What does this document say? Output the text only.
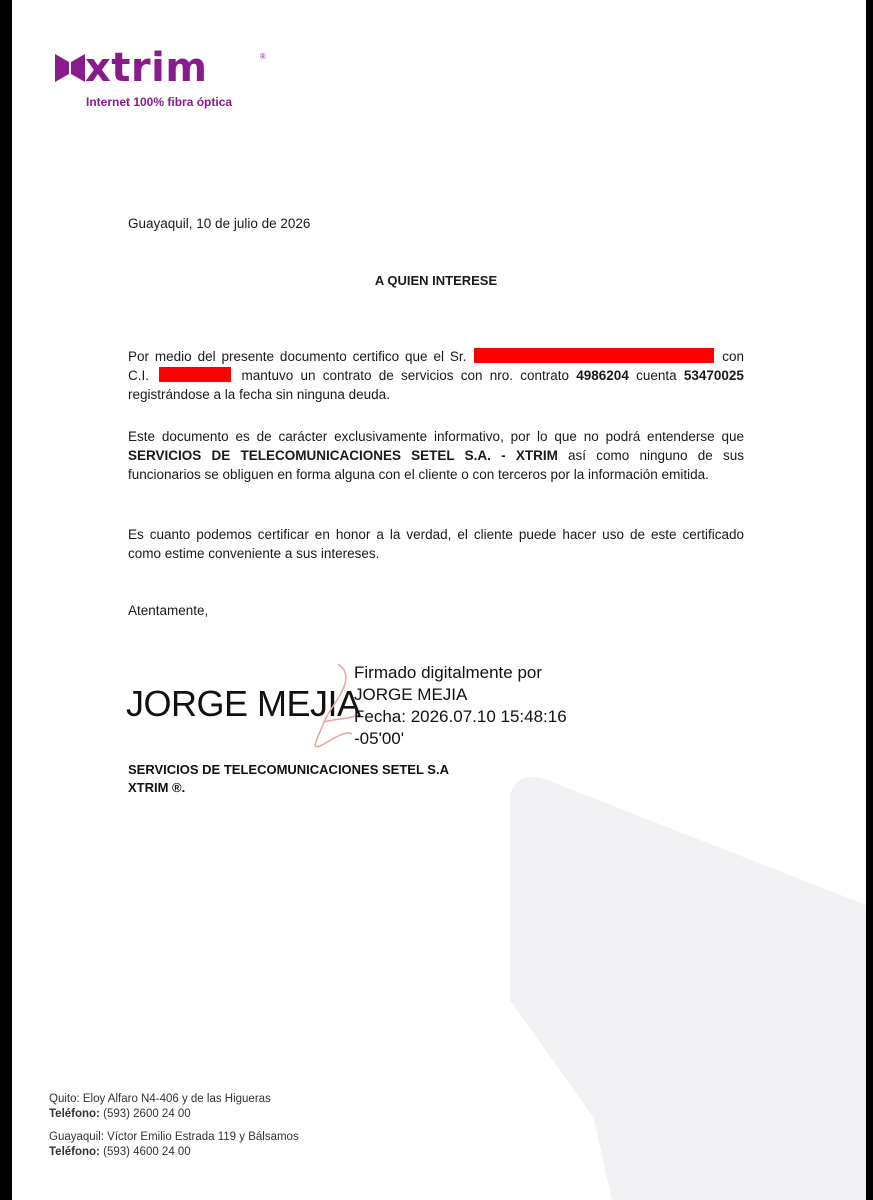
xtrim	®
Internet 100% fibra óptica
Guayaquil, 10 de julio de 2026
A QUIEN INTERESE
Por medio del presente documento certifico que el Sr.	con C.I.	mantuvo un contrato de servicios con nro. contrato 4986204 cuenta 53470025 registrándose a la fecha sin ninguna deuda.
Este documento es de carácter exclusivamente informativo, por lo que no podrá entenderse que SERVICIOS DE TELECOMUNICACIONES SETEL S.A. - XTRIM así como ninguno de sus funcionarios se obliguen en forma alguna con el cliente o con terceros por la información emitida.
Es cuanto podemos certificar en honor a la verdad, el cliente puede hacer uso de este certificado como estime conveniente a sus intereses.
Atentamente,
JORGE MEJIA
Firmado digitalmente por
JORGE MEJIA
Fecha: 2026.07.10 15:48:16
-05'00'
SERVICIOS DE TELECOMUNICACIONES SETEL S.A
XTRIM ®.
Quito: Eloy Alfaro N4-406 y de las Higueras
Teléfono: (593) 2600 24 00
Guayaquil: Víctor Emilio Estrada 119 y Bálsamos
Teléfono: (593) 4600 24 00
